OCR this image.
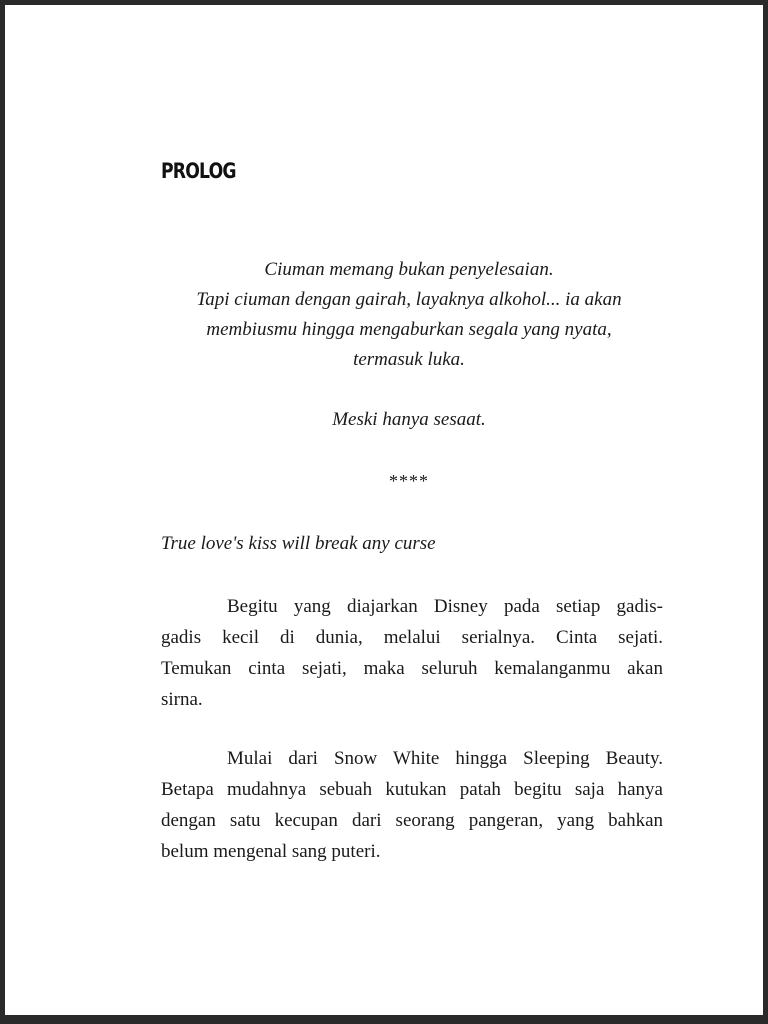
PROLOG
Ciuman memang bukan penyelesaian.
Tapi ciuman dengan gairah, layaknya alkohol... ia akan
membiusmu hingga mengaburkan segala yang nyata,
termasuk luka.
Meski hanya sesaat.
****
True love's kiss will break any curse
Begitu yang diajarkan Disney pada setiap gadis-
gadis kecil di dunia, melalui serialnya. Cinta sejati.
Temukan cinta sejati, maka seluruh kemalanganmu akan
sirna.
Mulai dari Snow White hingga Sleeping Beauty.
Betapa mudahnya sebuah kutukan patah begitu saja hanya
dengan satu kecupan dari seorang pangeran, yang bahkan
belum mengenal sang puteri.
